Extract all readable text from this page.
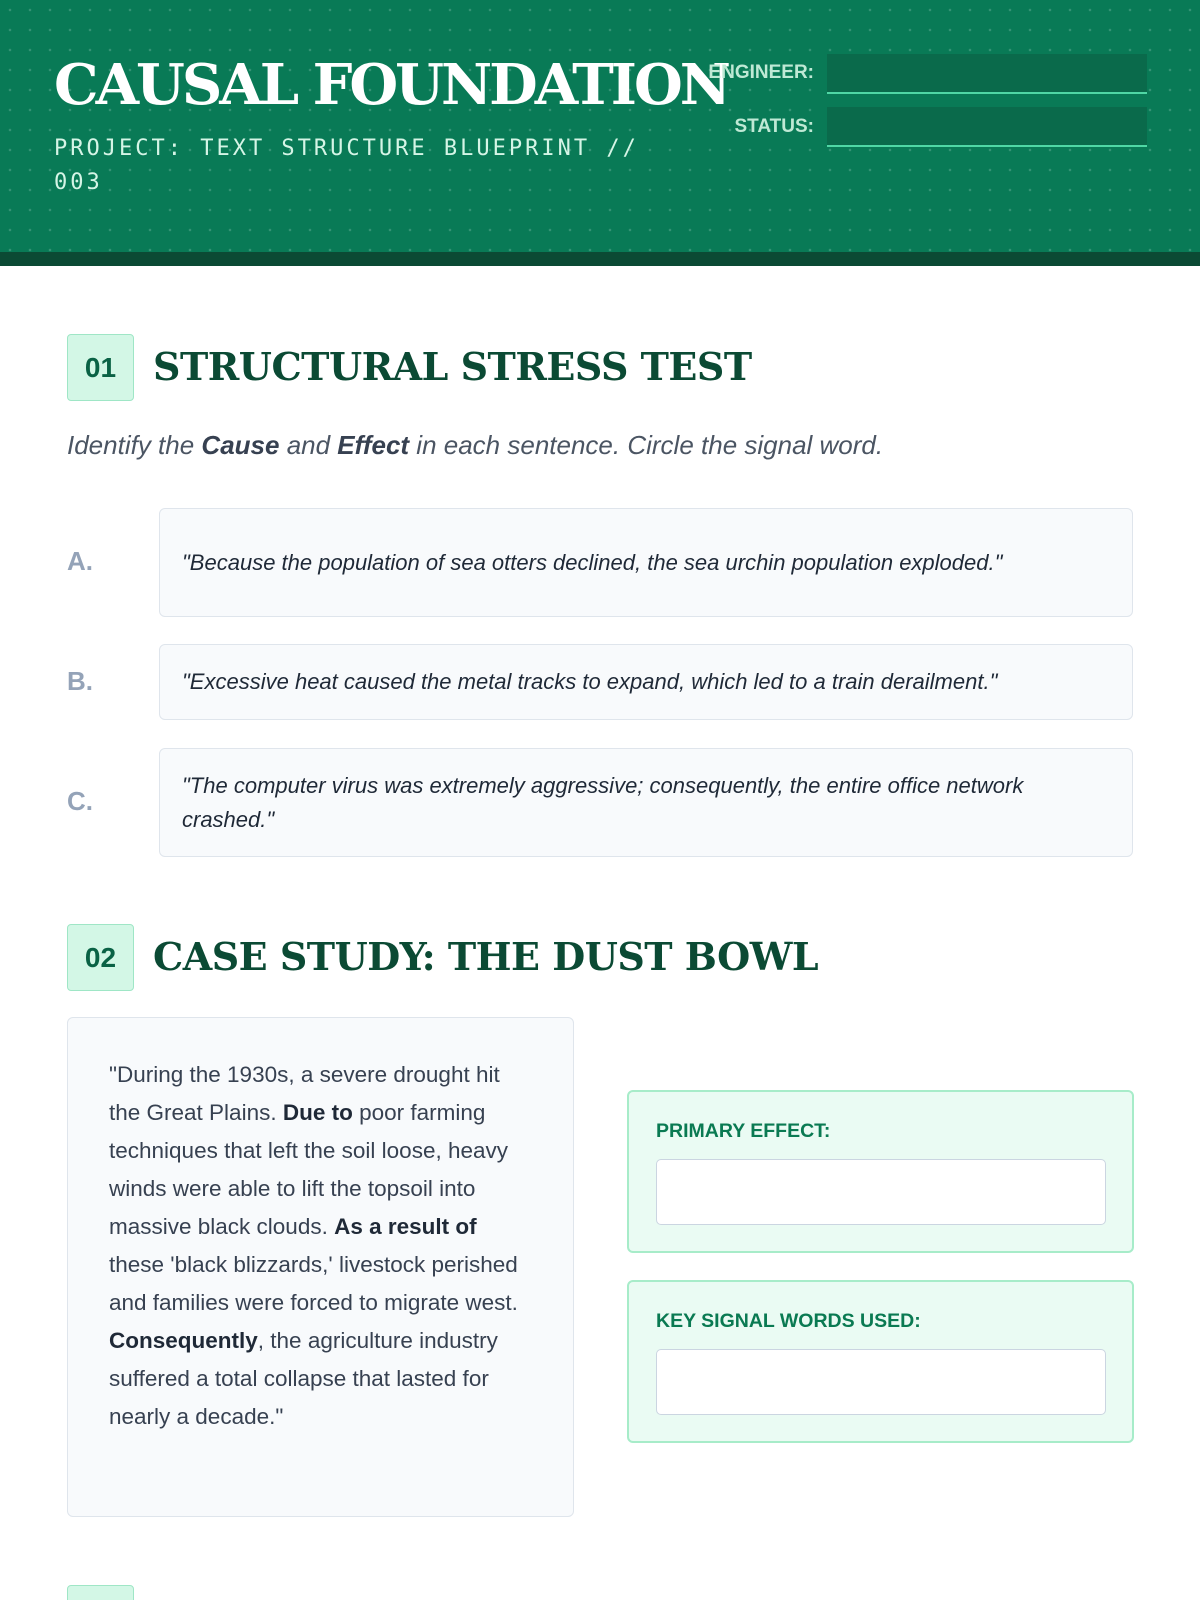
CAUSAL FOUNDATION
PROJECT: TEXT STRUCTURE BLUEPRINT // 003
ENGINEER:
STATUS:
01 STRUCTURAL STRESS TEST
Identify the Cause and Effect in each sentence. Circle the signal word.
A.	"Because the population of sea otters declined, the sea urchin population exploded."
B.	"Excessive heat caused the metal tracks to expand, which led to a train derailment."
C.
"The computer virus was extremely aggressive; consequently, the entire office network crashed."
02 CASE STUDY: THE DUST BOWL
"During the 1930s, a severe drought hit the Great Plains. Due to poor farming techniques that left the soil loose, heavy winds were able to lift the topsoil into massive black clouds. As a result of these 'black blizzards,' livestock perished and families were forced to migrate west. Consequently, the agriculture industry suffered a total collapse that lasted for nearly a decade."
PRIMARY EFFECT:
KEY SIGNAL WORDS USED:
